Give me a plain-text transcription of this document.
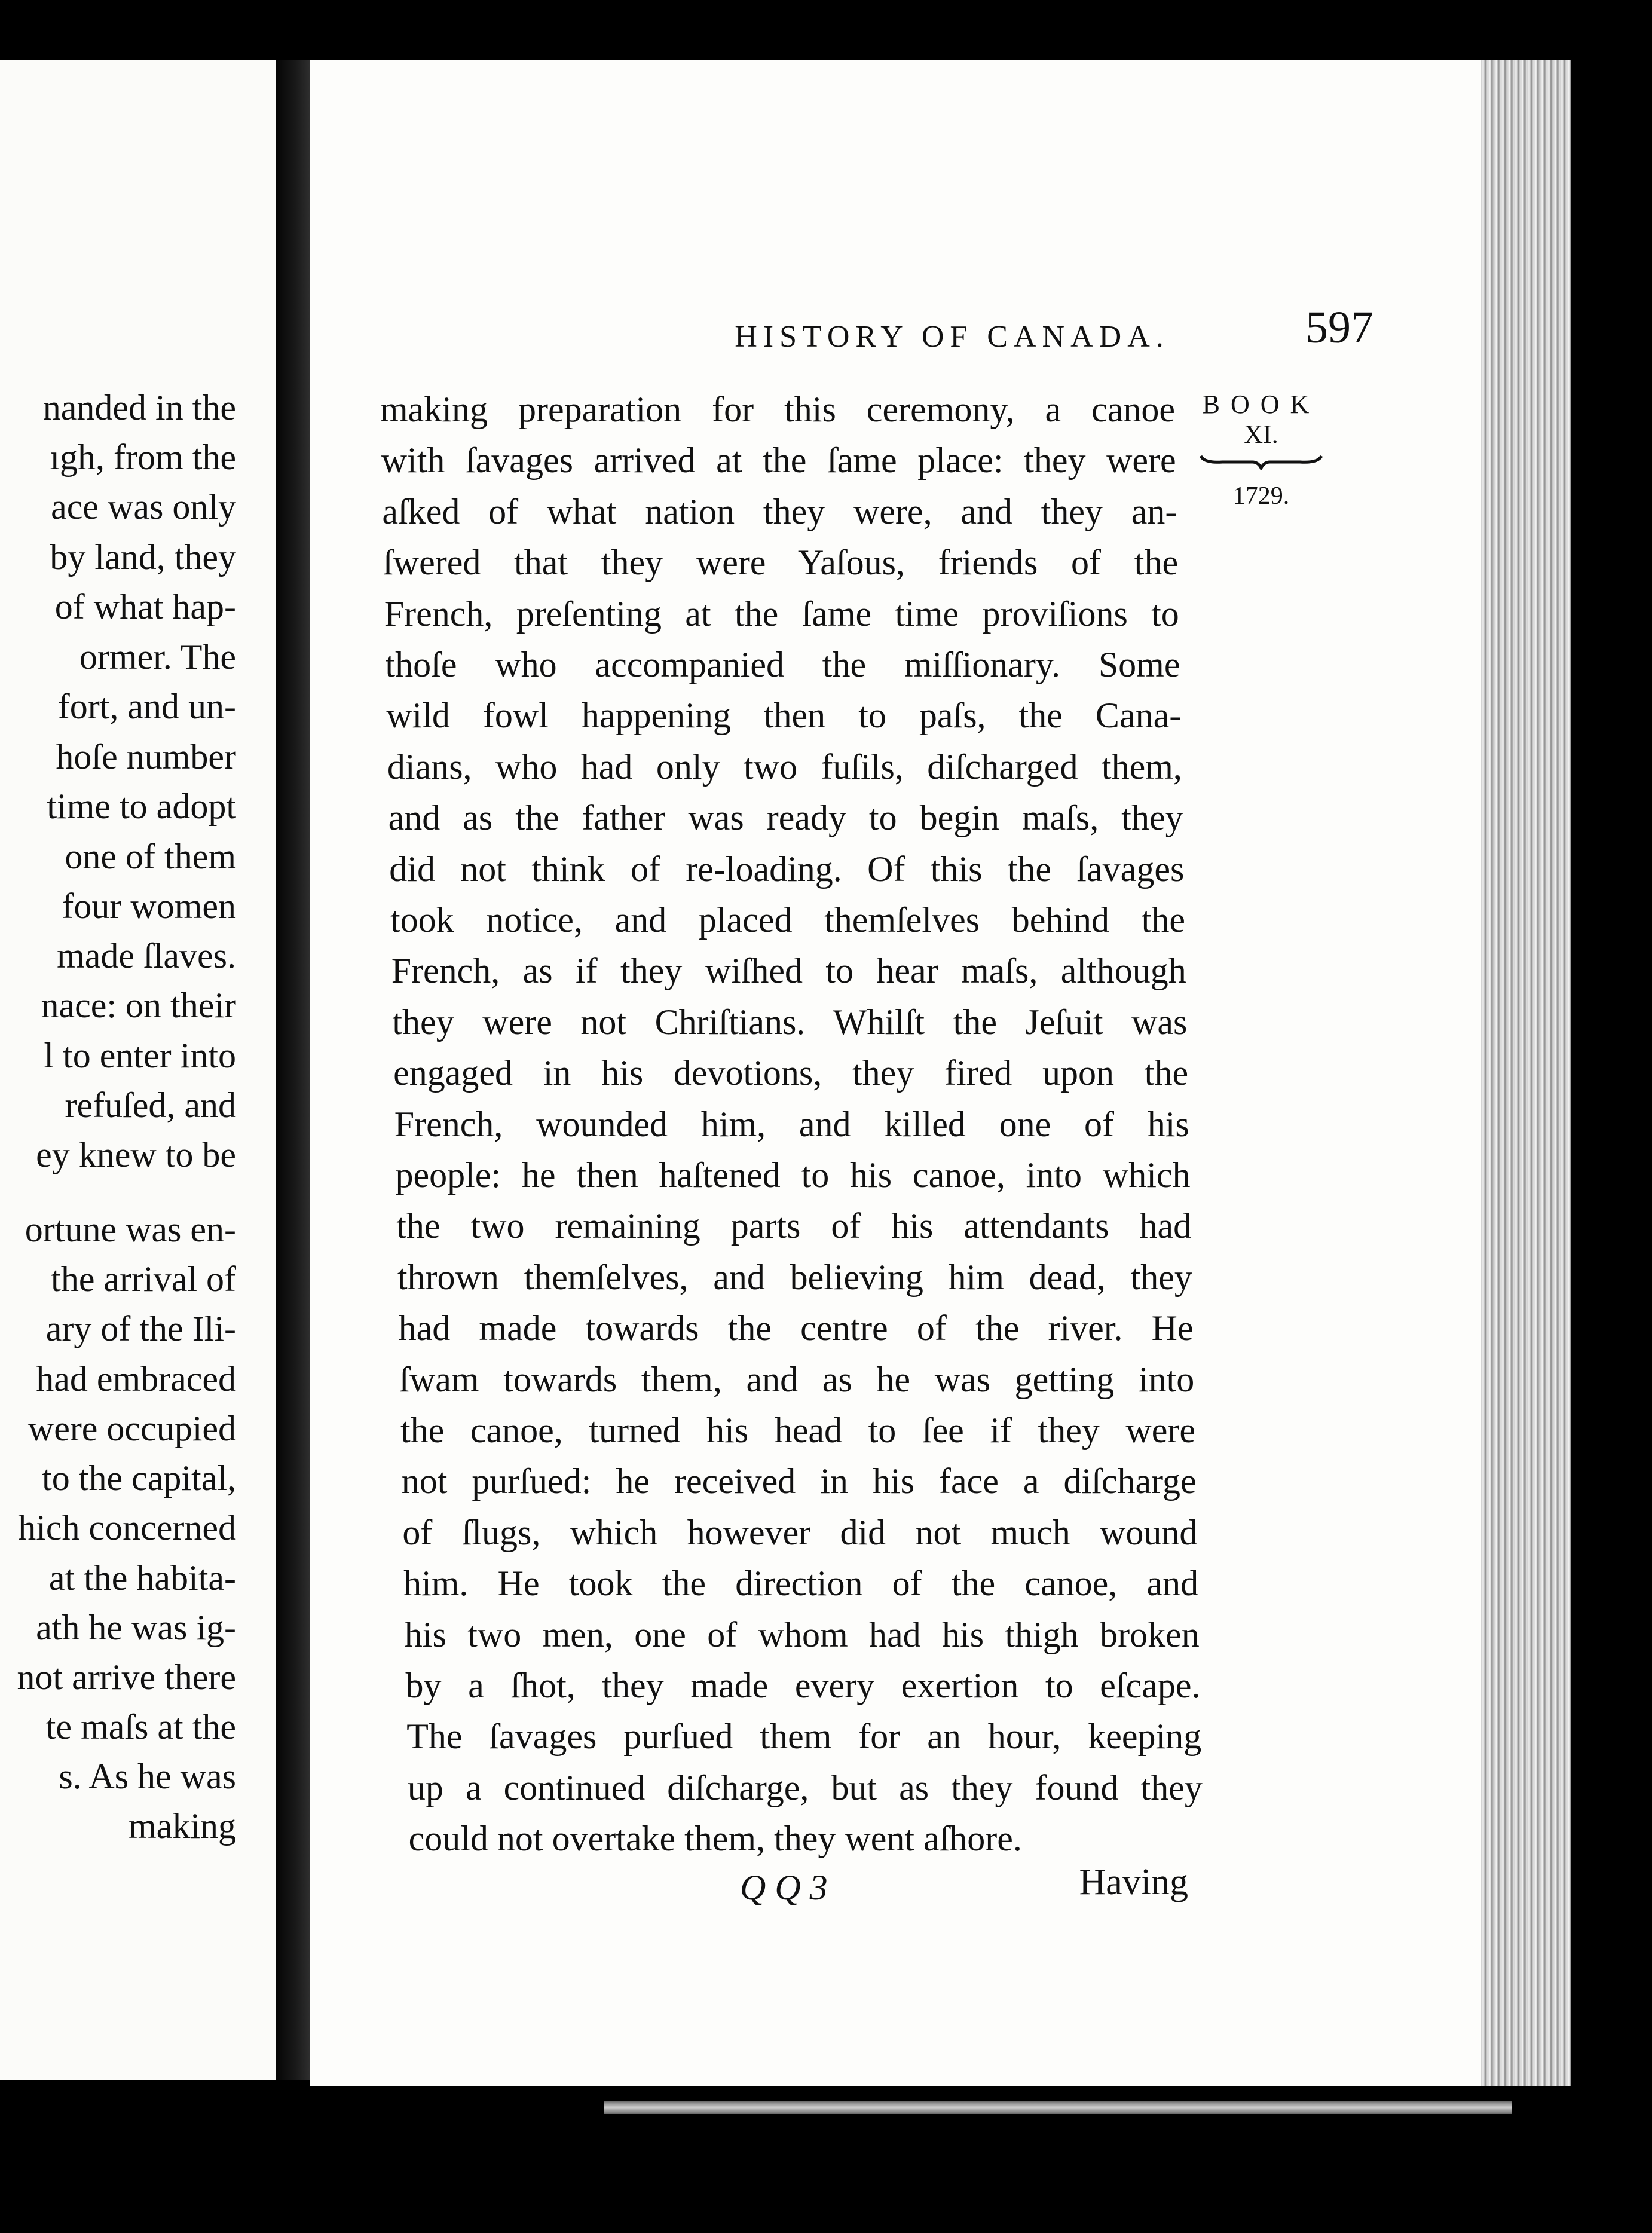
nanded in the
ıgh, from the
ace was only
by land, they
of what hap-
ormer. The
fort, and un-
hoſe number
time to adopt
one of them
four women
made ſlaves.
nace: on their
l to enter into
refuſed, and
ey knew to be
ortune was en-
the arrival of
ary of the Ili-
had embraced
were occupied
to the capital,
hich concerned
at the habita-
ath he was ig-
not arrive there
te maſs at the
s. As he was
making
HISTORY OF CANADA.	597
BOOK
XI.
1729.
making preparation for this ceremony, a canoe
with ſavages arrived at the ſame place: they were
aſked of what nation they were, and they an-
ſwered that they were Yaſous, friends of the
French, preſenting at the ſame time proviſions to
thoſe who accompanied the miſſionary. Some
wild fowl happening then to paſs, the Cana-
dians, who had only two fuſils, diſcharged them,
and as the father was ready to begin maſs, they
did not think of re-loading. Of this the ſavages
took notice, and placed themſelves behind the
French, as if they wiſhed to hear maſs, although
they were not Chriſtians. Whilſt the Jeſuit was
engaged in his devotions, they fired upon the
French, wounded him, and killed one of his
people: he then haſtened to his canoe, into which
the two remaining parts of his attendants had
thrown themſelves, and believing him dead, they
had made towards the centre of the river. He
ſwam towards them, and as he was getting into
the canoe, turned his head to ſee if they were
not purſued: he received in his face a diſcharge
of ſlugs, which however did not much wound
him. He took the direction of the canoe, and
his two men, one of whom had his thigh broken
by a ſhot, they made every exertion to eſcape.
The ſavages purſued them for an hour, keeping
up a continued diſcharge, but as they found they
could not overtake them, they went aſhore.
Q Q 3	Having
